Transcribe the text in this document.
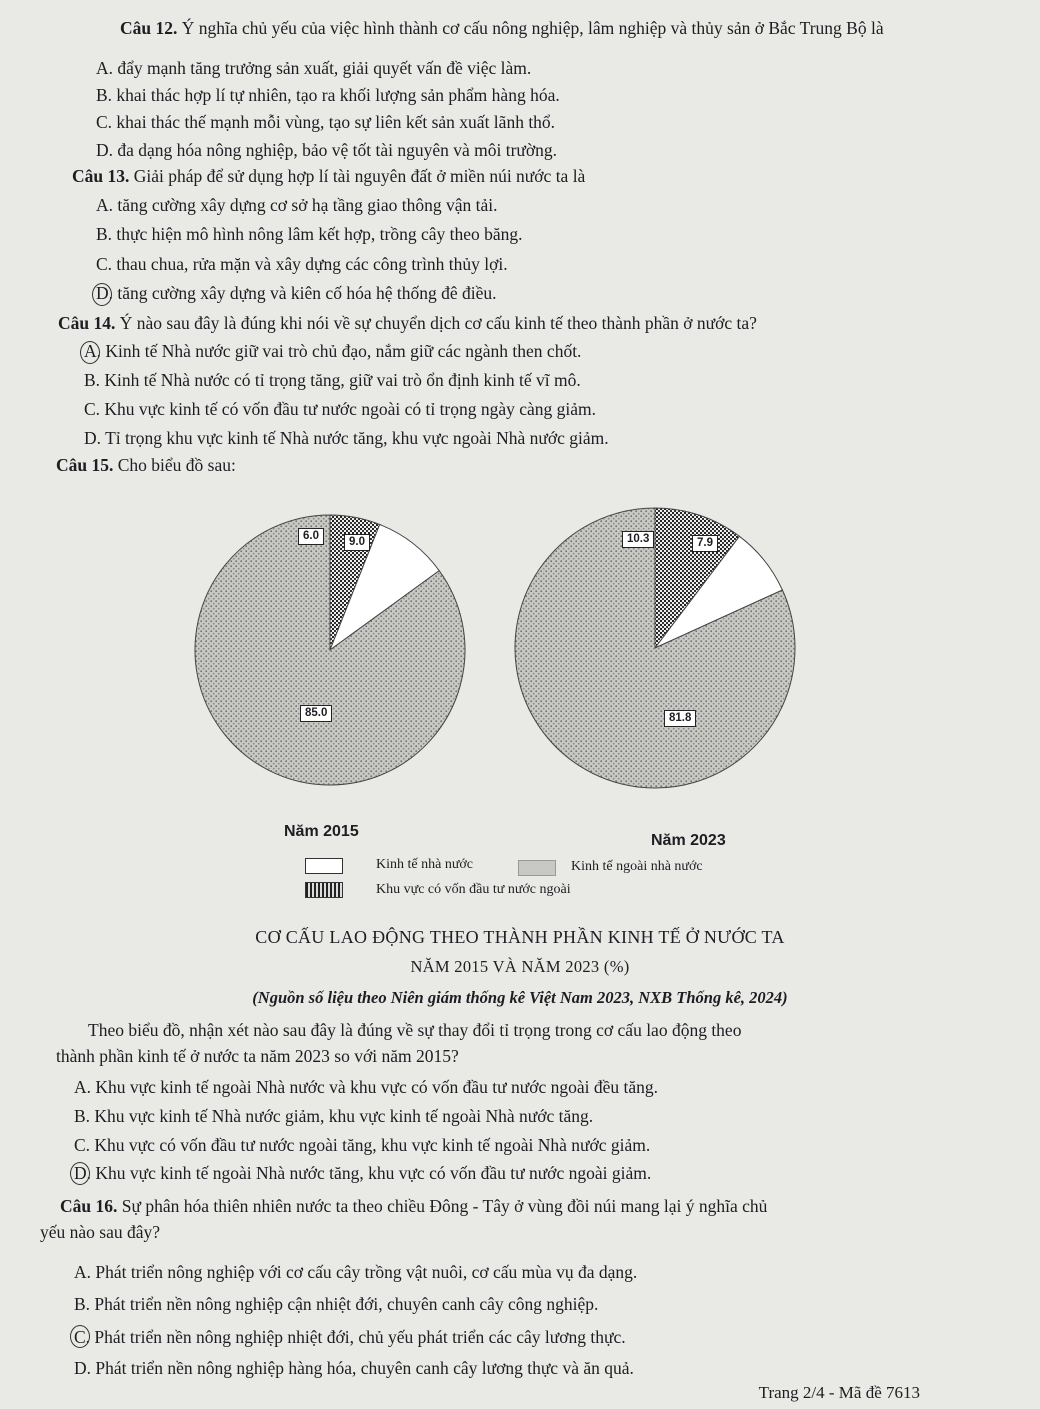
Câu 12. Ý nghĩa chủ yếu của việc hình thành cơ cấu nông nghiệp, lâm nghiệp và thủy sản ở Bắc Trung Bộ là
A. đẩy mạnh tăng trưởng sản xuất, giải quyết vấn đề việc làm.
B. khai thác hợp lí tự nhiên, tạo ra khối lượng sản phẩm hàng hóa.
C. khai thác thế mạnh mỗi vùng, tạo sự liên kết sản xuất lãnh thổ.
D. đa dạng hóa nông nghiệp, bảo vệ tốt tài nguyên và môi trường.
Câu 13. Giải pháp để sử dụng hợp lí tài nguyên đất ở miền núi nước ta là
A. tăng cường xây dựng cơ sở hạ tầng giao thông vận tải.
B. thực hiện mô hình nông lâm kết hợp, trồng cây theo băng.
C. thau chua, rửa mặn và xây dựng các công trình thủy lợi.
D. tăng cường xây dựng và kiên cố hóa hệ thống đê điều.
Câu 14. Ý nào sau đây là đúng khi nói về sự chuyển dịch cơ cấu kinh tế theo thành phần ở nước ta?
A. Kinh tế Nhà nước giữ vai trò chủ đạo, nắm giữ các ngành then chốt.
B. Kinh tế Nhà nước có tỉ trọng tăng, giữ vai trò ổn định kinh tế vĩ mô.
C. Khu vực kinh tế có vốn đầu tư nước ngoài có tỉ trọng ngày càng giảm.
D. Tỉ trọng khu vực kinh tế Nhà nước tăng, khu vực ngoài Nhà nước giảm.
Câu 15. Cho biểu đồ sau:
6.0	9.0
85.0
10.3	7.9
81.8
Năm 2015
Năm 2023
Kinh tế nhà nước	Kinh tế ngoài nhà nước
Khu vực có vốn đầu tư nước ngoài
CƠ CẤU LAO ĐỘNG THEO THÀNH PHẦN KINH TẾ Ở NƯỚC TA
NĂM 2015 VÀ NĂM 2023 (%)
(Nguồn số liệu theo Niên giám thống kê Việt Nam 2023, NXB Thống kê, 2024)
Theo biểu đồ, nhận xét nào sau đây là đúng về sự thay đổi tỉ trọng trong cơ cấu lao động theo
thành phần kinh tế ở nước ta năm 2023 so với năm 2015?
A. Khu vực kinh tế ngoài Nhà nước và khu vực có vốn đầu tư nước ngoài đều tăng.
B. Khu vực kinh tế Nhà nước giảm, khu vực kinh tế ngoài Nhà nước tăng.
C. Khu vực có vốn đầu tư nước ngoài tăng, khu vực kinh tế ngoài Nhà nước giảm.
D. Khu vực kinh tế ngoài Nhà nước tăng, khu vực có vốn đầu tư nước ngoài giảm.
Câu 16. Sự phân hóa thiên nhiên nước ta theo chiều Đông - Tây ở vùng đồi núi mang lại ý nghĩa chủ
yếu nào sau đây?
A. Phát triển nông nghiệp với cơ cấu cây trồng vật nuôi, cơ cấu mùa vụ đa dạng.
B. Phát triển nền nông nghiệp cận nhiệt đới, chuyên canh cây công nghiệp.
C. Phát triển nền nông nghiệp nhiệt đới, chủ yếu phát triển các cây lương thực.
D. Phát triển nền nông nghiệp hàng hóa, chuyên canh cây lương thực và ăn quả.
Trang 2/4 - Mã đề 7613
